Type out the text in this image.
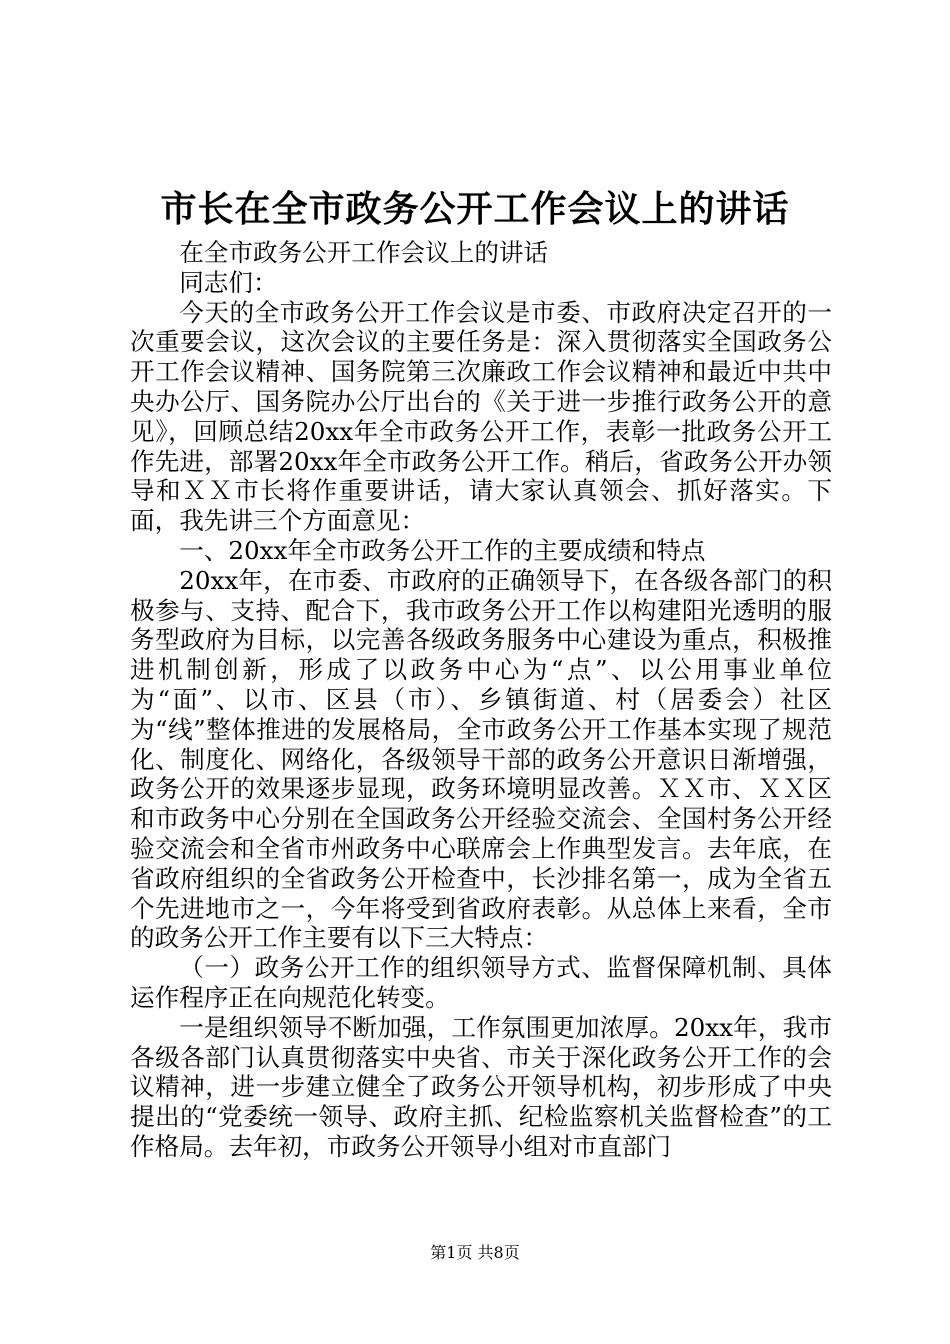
市长在全市政务公开工作会议上的讲话

在全市政务公开工作会议上的讲话

同志们：

今天的全市政务公开工作会议是市委、市政府决定召开的一次重要会议，这次会议的主要任务是：深入贯彻落实全国政务公开工作会议精神、国务院第三次廉政工作会议精神和最近中共中央办公厅、国务院办公厅出台的《关于进一步推行政务公开的意见》，回顾总结20xx年全市政务公开工作，表彰一批政务公开工作先进，部署20xx年全市政务公开工作。稍后，省政务公开办领导和ＸＸ市长将作重要讲话，请大家认真领会、抓好落实。下面，我先讲三个方面意见：

一、20xx年全市政务公开工作的主要成绩和特点

20xx年，在市委、市政府的正确领导下，在各级各部门的积极参与、支持、配合下，我市政务公开工作以构建阳光透明的服务型政府为目标，以完善各级政务服务中心建设为重点，积极推进机制创新，形成了以政务中心为“点”、以公用事业单位为“面”、以市、区县（市）、乡镇街道、村（居委会）社区为“线”整体推进的发展格局，全市政务公开工作基本实现了规范化、制度化、网络化，各级领导干部的政务公开意识日渐增强，政务公开的效果逐步显现，政务环境明显改善。ＸＸ市、ＸＸ区和市政务中心分别在全国政务公开经验交流会、全国村务公开经验交流会和全省市州政务中心联席会上作典型发言。去年底，在省政府组织的全省政务公开检查中，长沙排名第一，成为全省五个先进地市之一，今年将受到省政府表彰。从总体上来看，全市的政务公开工作主要有以下三大特点：

（一）政务公开工作的组织领导方式、监督保障机制、具体运作程序正在向规范化转变。

一是组织领导不断加强，工作氛围更加浓厚。20xx年，我市各级各部门认真贯彻落实中央省、市关于深化政务公开工作的会议精神，进一步建立健全了政务公开领导机构，初步形成了中央提出的“党委统一领导、政府主抓、纪检监察机关监督检查”的工作格局。去年初，市政务公开领导小组对市直部门

第1页 共8页
